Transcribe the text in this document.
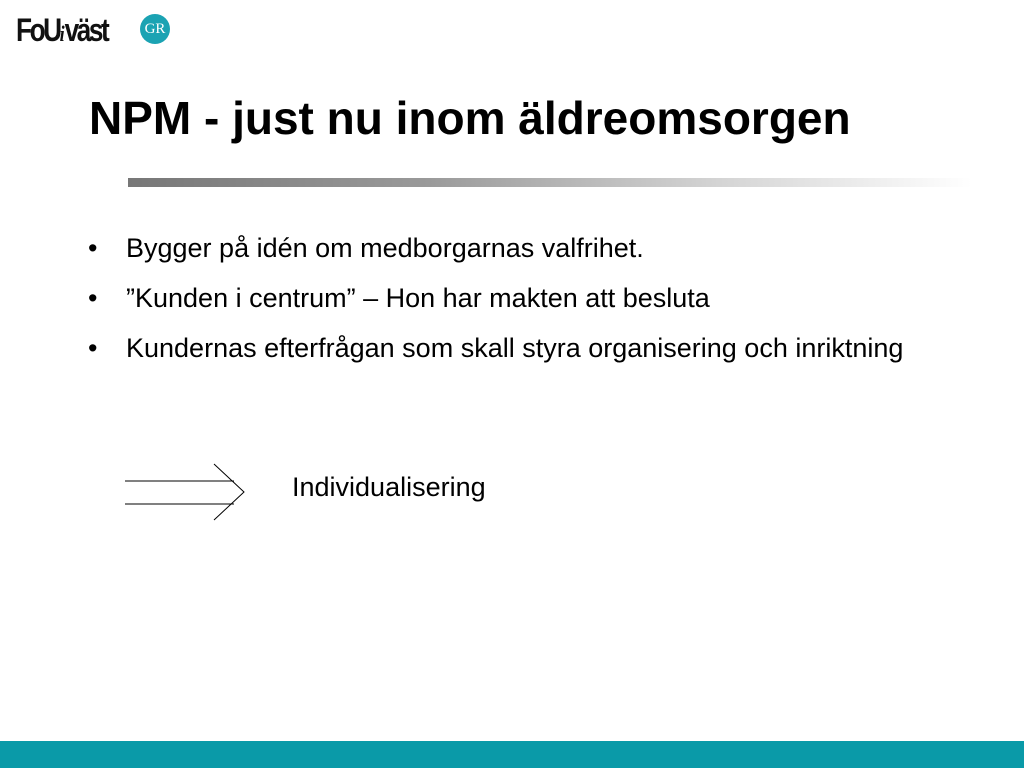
FoUiväst	GR
NPM - just nu inom äldreomsorgen
•	Bygger på idén om medborgarnas valfrihet.
•	”Kunden i centrum” – Hon har makten att besluta
•	Kundernas efterfrågan som skall styra organisering och inriktning
Individualisering
